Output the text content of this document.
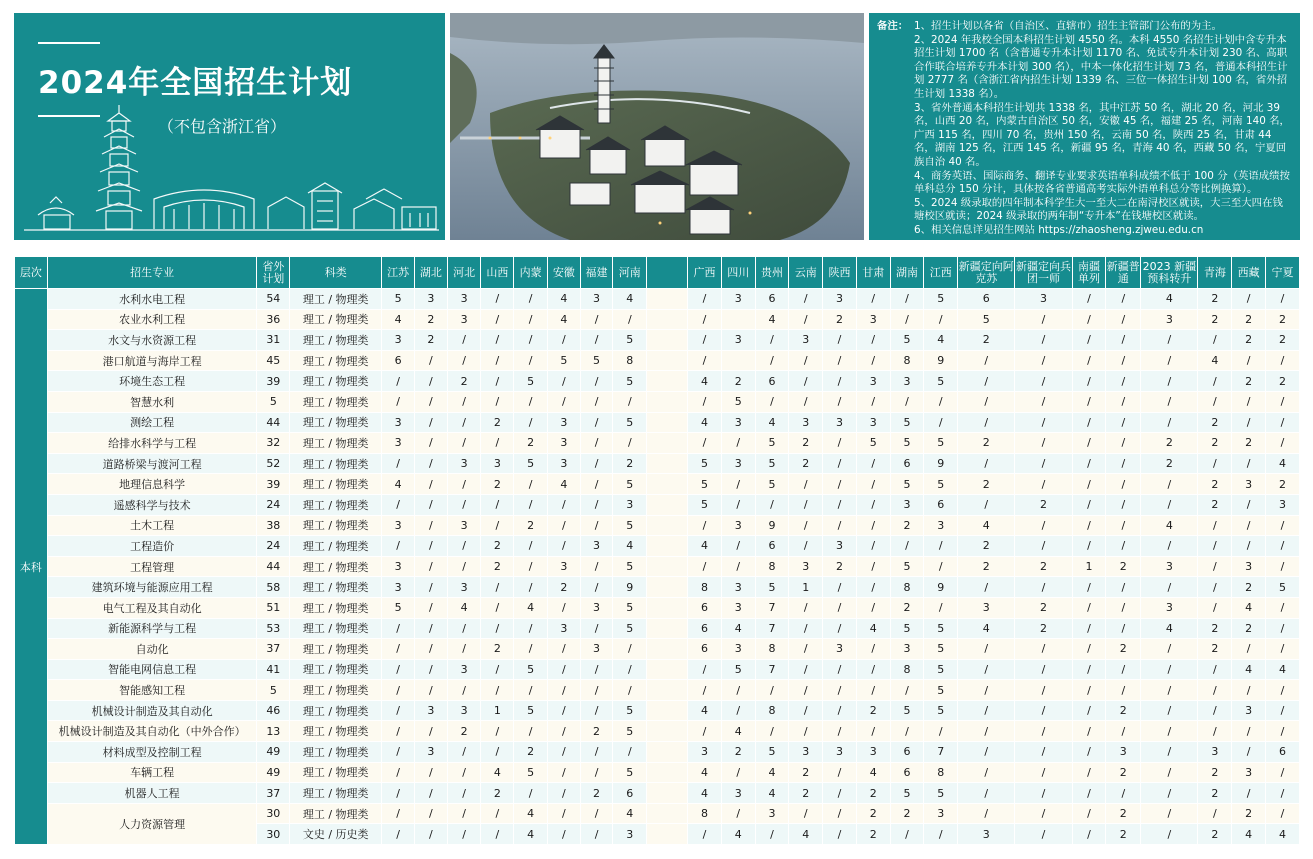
2024年全国招生计划
（不包含浙江省）
备注： 1、招生计划以各省（自治区、直辖市）招生主管部门公布的为主。
2、2024 年我校全国本科招生计划 4550 名。本科 4550 名招生计划中含专升本招生计划 1700 名（含普通专升本计划 1170 名、免试专升本计划 230 名、高职合作联合培养专升本计划 300 名），中本一体化招生计划 73 名，普通本科招生计划 2777 名（含浙江省内招生计划 1339 名、三位一体招生计划 100 名，省外招生计划 1338 名）。
3、省外普通本科招生计划共 1338 名，其中江苏 50 名，湖北 20 名，河北 39 名，山西 20 名，内蒙古自治区 50 名，安徽 45 名，福建 25 名，河南 140 名，广西 115 名，四川 70 名，贵州 150 名，云南 50 名，陕西 25 名，甘肃 44 名，湖南 125 名，江西 145 名，新疆 95 名，青海 40 名，西藏 50 名，宁夏回族自治 40 名。
4、商务英语、国际商务、翻译专业要求英语单科成绩不低于 100 分（英语成绩按单科总分 150 分计，具体按各省普通高考实际外语单科总分等比例换算）。
5、2024 级录取的四年制本科学生大一至大二在南浔校区就读，大三至大四在钱塘校区就读；2024 级录取的两年制“专升本”在钱塘校区就读。
6、相关信息详见招生网站 https://zhaosheng.zjweu.edu.cn
层次	招生专业	省外计划	科类	江苏	湖北	河北	山西	内蒙	安徽	福建	河南		广西	四川	贵州	云南	陕西	甘肃	湖南	江西	新疆定向阿克苏	新疆定向兵团一师	南疆单列	新疆普通	2023 新疆预科转升	青海	西藏	宁夏
本科	水利水电工程	54	理工 / 物理类	5	3	3	/	/	4	3	4		/	3	6	/	3	/	/	5	6	3	/	/	4	2	/	/
	农业水利工程	36	理工 / 物理类	4	2	3	/	/	4	/	/		/		4	/	2	3	/	/	5	/	/	/	3	2	2	2
	水文与水资源工程	31	理工 / 物理类	3	2	/	/	/	/	/	5		/	3	/	3	/	/	5	4	2	/	/	/	/	/	2	2
	港口航道与海岸工程	45	理工 / 物理类	6	/	/	/	/	5	5	8		/		/	/	/	/	8	9	/	/	/	/	/	4	/	/
	环境生态工程	39	理工 / 物理类	/	/	2	/	5	/	/	5		4	2	6	/	/	3	3	5	/	/	/	/	/	/	2	2
	智慧水利	5	理工 / 物理类	/	/	/	/	/	/	/	/		/	5	/	/	/	/	/	/	/	/	/	/	/	/	/	/
	测绘工程	44	理工 / 物理类	3	/	/	2	/	3	/	5		4	3	4	3	3	3	5	/	/	/	/	/	/	2	/	/
	给排水科学与工程	32	理工 / 物理类	3	/	/	/	2	3	/	/		/	/	5	2	/	5	5	5	2	/	/	/	2	2	2	/
	道路桥梁与渡河工程	52	理工 / 物理类	/	/	3	3	5	3	/	2		5	3	5	2	/	/	6	9	/	/	/	/	2	/	/	4
	地理信息科学	39	理工 / 物理类	4	/	/	2	/	4	/	5		5	/	5	/	/	/	5	5	2	/	/	/	/	2	3	2
	遥感科学与技术	24	理工 / 物理类	/	/	/	/	/	/	/	3		5	/	/	/	/	/	3	6	/	2	/	/	/	2	/	3
	土木工程	38	理工 / 物理类	3	/	3	/	2	/	/	5		/	3	9	/	/	/	2	3	4	/	/	/	4	/	/	/
	工程造价	24	理工 / 物理类	/	/	/	2	/	/	3	4		4	/	6	/	3	/	/	/	2	/	/	/	/	/	/	/
	工程管理	44	理工 / 物理类	3	/	/	2	/	3	/	5		/	/	8	3	2	/	5	/	2	2	1	2	3	/	3	/
	建筑环境与能源应用工程	58	理工 / 物理类	3	/	3	/	/	2	/	9		8	3	5	1	/	/	8	9	/	/	/	/	/	/	2	5
	电气工程及其自动化	51	理工 / 物理类	5	/	4	/	4	/	3	5		6	3	7	/	/	/	2	/	3	2	/	/	3	/	4	/
	新能源科学与工程	53	理工 / 物理类	/	/	/	/	/	3	/	5		6	4	7	/	/	4	5	5	4	2	/	/	4	2	2	/
	自动化	37	理工 / 物理类	/	/	/	2	/	/	3	/		6	3	8	/	3	/	3	5	/	/	/	2	/	2	/	/
	智能电网信息工程	41	理工 / 物理类	/	/	3	/	5	/	/	/		/	5	7	/	/	/	8	5	/	/	/	/	/	/	4	4
	智能感知工程	5	理工 / 物理类	/	/	/	/	/	/	/	/		/	/	/	/	/	/	/	5	/	/	/	/	/	/	/	/
	机械设计制造及其自动化	46	理工 / 物理类	/	3	3	1	5	/	/	5		4	/	8	/	/	2	5	5	/	/	/	2	/	/	3	/
	机械设计制造及其自动化（中外合作）	13	理工 / 物理类	/	/	2	/	/	/	2	5		/	4	/	/	/	/	/	/	/	/	/	/	/	/	/	/
	材料成型及控制工程	49	理工 / 物理类	/	3	/	/	2	/	/	/		3	2	5	3	3	3	6	7	/	/	/	3	/	3	/	6
	车辆工程	49	理工 / 物理类	/	/	/	4	5	/	/	5		4	/	4	2	/	4	6	8	/	/	/	2	/	2	3	/
	机器人工程	37	理工 / 物理类	/	/	/	2	/	/	2	6		4	3	4	2	/	2	5	5	/	/	/	/	/	2	/	/
	人力资源管理	30	理工 / 物理类	/	/	/	/	4	/	/	4		8	/	3	/	/	2	2	3	/	/	/	2	/	/	2	/
		30	文史 / 历史类	/	/	/	/	4	/	/	3		/	4	/	4	/	2	/	/	3	/	/	2	/	2	4	4
